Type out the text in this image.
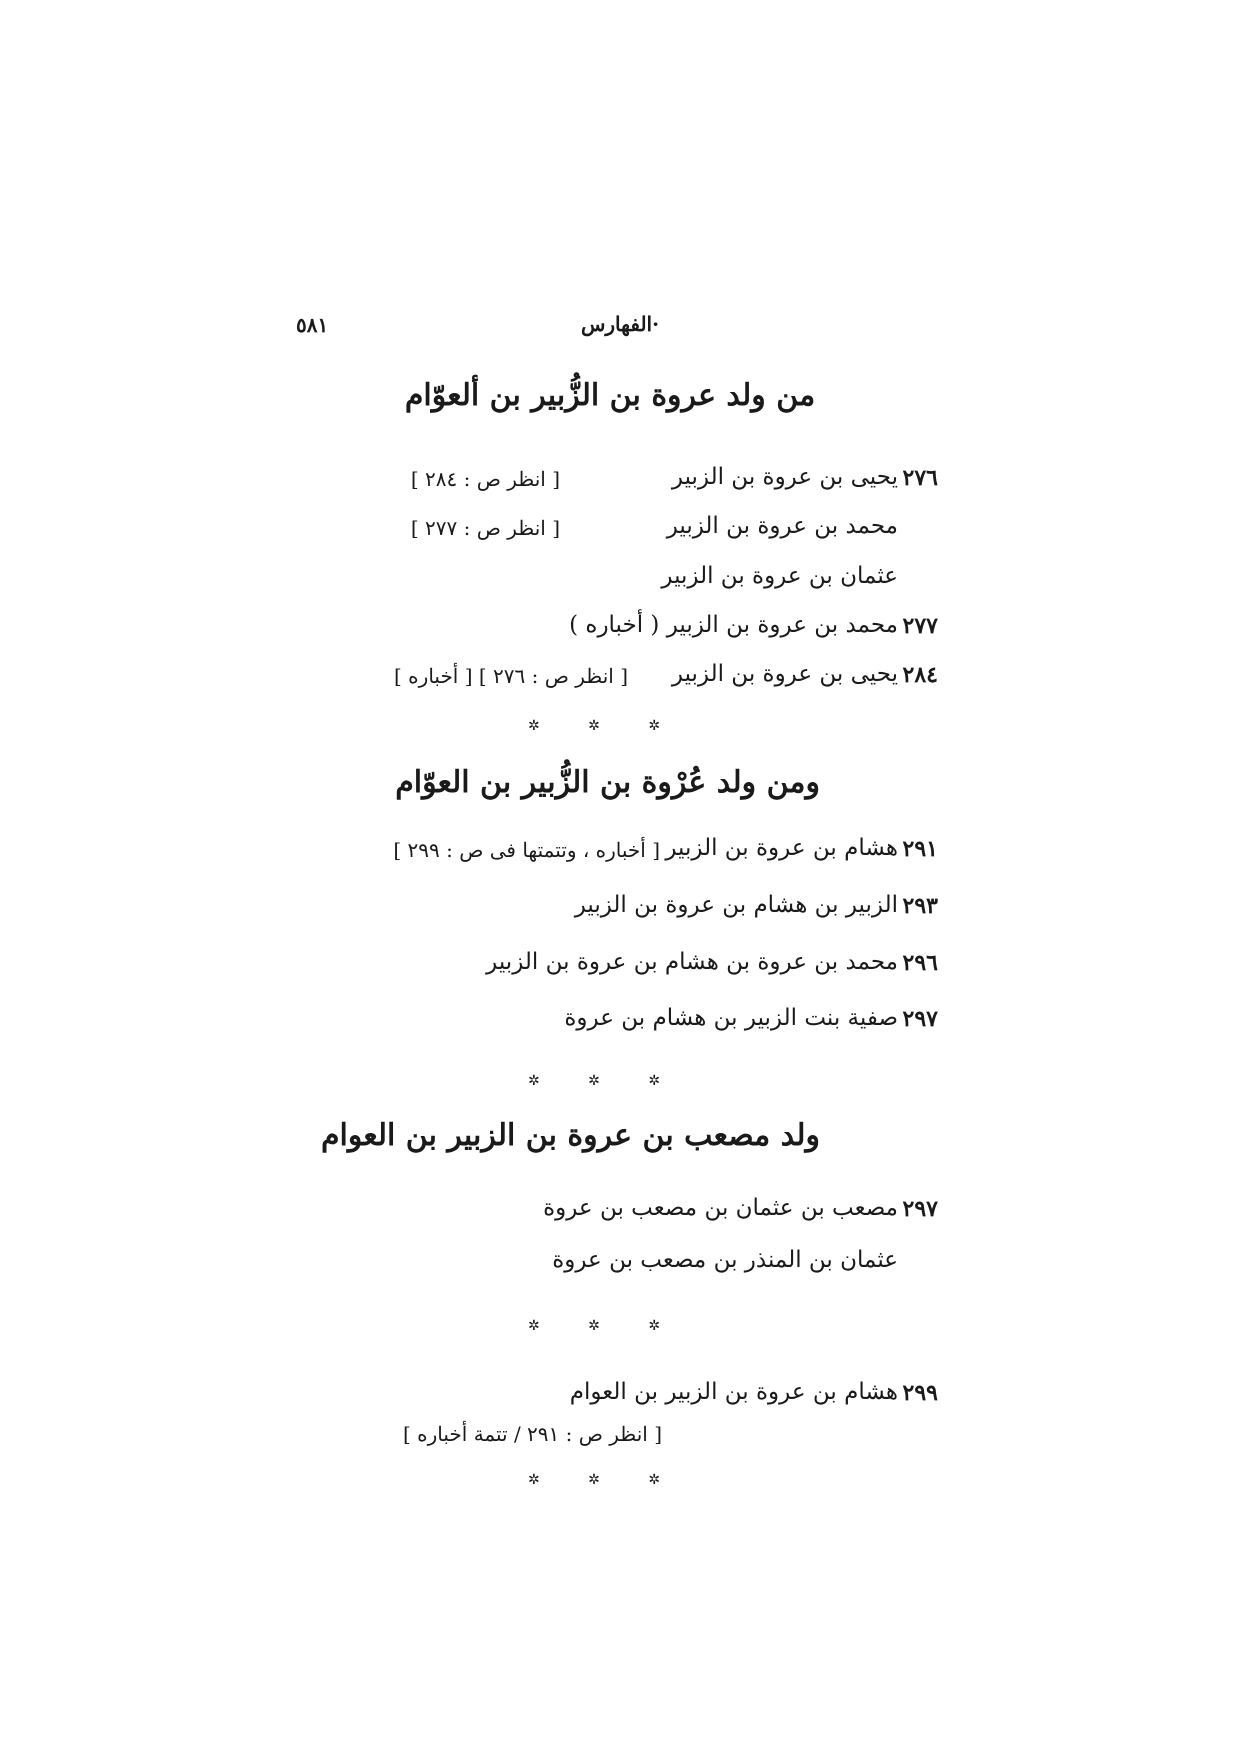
·الفهارس
٥٨١
من ولد عروة بن الزُّبير بن ألعوّام
٢٧٦
يحيى بن عروة بن الزبير
[ انظر ص : ٢٨٤ ]
محمد بن عروة بن الزبير
[ انظر ص : ٢٧٧ ]
عثمان بن عروة بن الزبير
٢٧٧
محمد بن عروة بن الزبير ( أخباره )
٢٨٤
يحيى بن عروة بن الزبير
[ انظر ص : ٢٧٦ ] [ أخباره ]
✲ ✲ ✲
ومن ولد عُرْوة بن الزُّبير بن العوّام
٢٩١
هشام بن عروة بن الزبير
[ أخباره ، وتتمتها فى ص : ٢٩٩ ]
٢٩٣
الزبير بن هشام بن عروة بن الزبير
٢٩٦
محمد بن عروة بن هشام بن عروة بن الزبير
٢٩٧
صفية بنت الزبير بن هشام بن عروة
✲ ✲ ✲
ولد مصعب بن عروة بن الزبير بن العوام
٢٩٧
مصعب بن عثمان بن مصعب بن عروة
عثمان بن المنذر بن مصعب بن عروة
✲ ✲ ✲
٢٩٩
هشام بن عروة بن الزبير بن العوام
[ انظر ص : ٢٩١ / تتمة أخباره ]
✲ ✲ ✲
